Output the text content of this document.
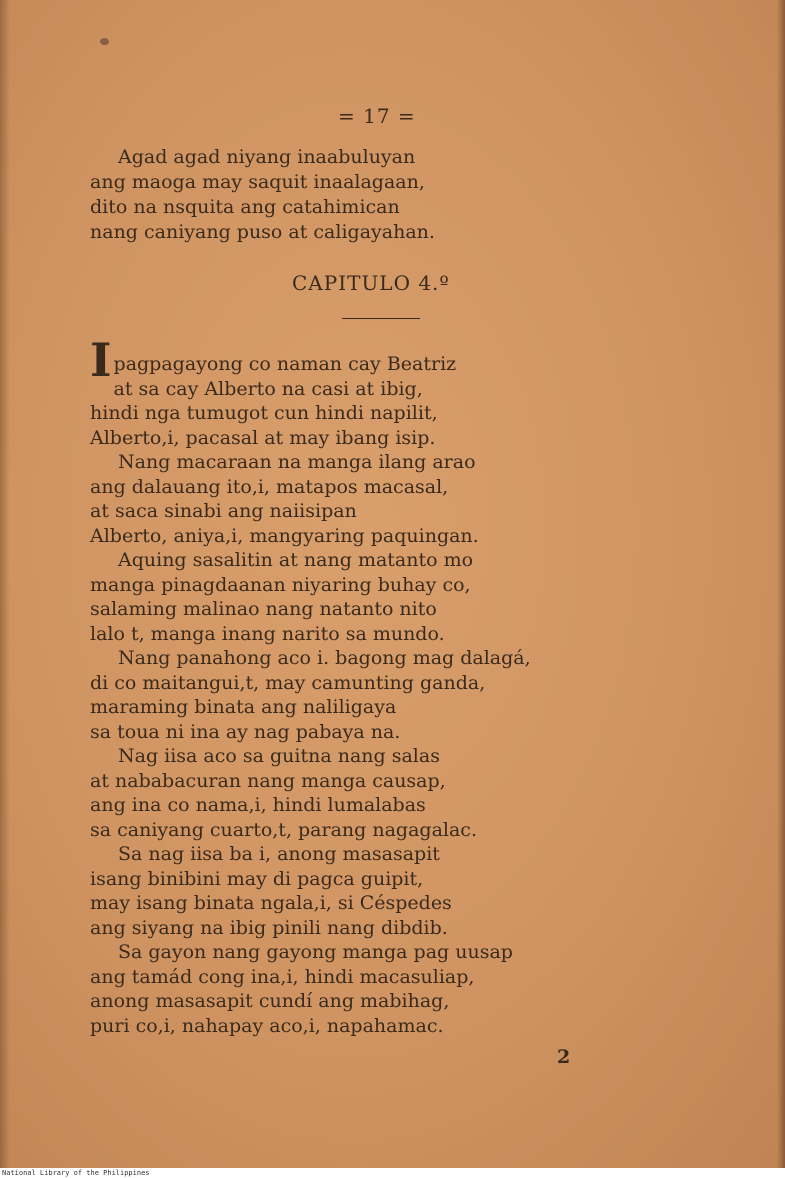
= 17 =
Agad agad niyang inaabuluyan
ang maoga may saquit inaalagaan,
dito na nsquita ang catahimican
nang caniyang puso at caligayahan.
CAPITULO 4.º
I pagpagayong co naman cay Beatriz
at sa cay Alberto na casi at ibig,
hindi nga tumugot cun hindi napilit,
Alberto,i, pacasal at may ibang isip.
Nang macaraan na manga ilang arao
ang dalauang ito,i, matapos macasal,
at saca sinabi ang naiisipan
Alberto, aniya,i, mangyaring paquingan.
Aquing sasalitin at nang matanto mo
manga pinagdaanan niyaring buhay co,
salaming malinao nang natanto nito
lalo t, manga inang narito sa mundo.
Nang panahong aco i. bagong mag dalagá,
di co maitangui,t, may camunting ganda,
maraming binata ang naliligaya
sa toua ni ina ay nag pabaya na.
Nag iisa aco sa guitna nang salas
at nababacuran nang manga causap,
ang ina co nama,i, hindi lumalabas
sa caniyang cuarto,t, parang nagagalac.
Sa nag iisa ba i, anong masasapit
isang binibini may di pagca guipit,
may isang binata ngala,i, si Céspedes
ang siyang na ibig pinili nang dibdib.
Sa gayon nang gayong manga pag uusap
ang tamád cong ina,i, hindi macasuliap,
anong masasapit cundí ang mabihag,
puri co,i, nahapay aco,i, napahamac.
2
National Library of the Philippines
